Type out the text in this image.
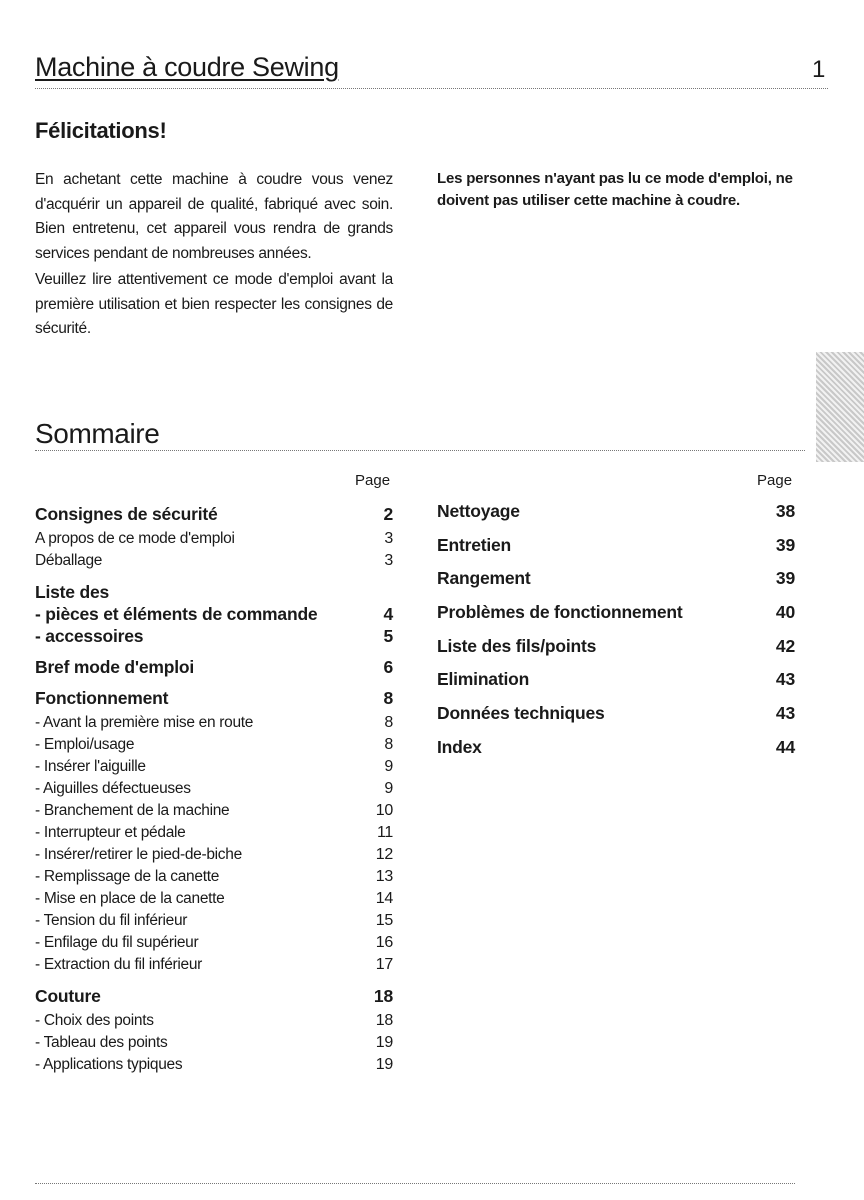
Machine à coudre Sewing	1
Félicitations!

En achetant cette machine à coudre vous venez d'acquérir un appareil de qualité, fabriqué avec soin. Bien entretenu, cet appareil vous rendra de grands services pendant de nombreuses années.

Veuillez lire attentivement ce mode d'emploi avant la première utilisation et bien respecter les consignes de sécurité.

Les personnes n'ayant pas lu ce mode d'emploi, ne doivent pas utiliser cette machine à coudre.
Sommaire
Page	Page
Consignes de sécurité	2
A propos de ce mode d'emploi	3
Déballage	3
Liste des
- pièces et éléments de commande	4
- accessoires	5
Bref mode d'emploi	6
Fonctionnement	8
- Avant la première mise en route	8
- Emploi/usage	8
- Insérer l'aiguille	9
- Aiguilles défectueuses	9
- Branchement de la machine	10
- Interrupteur et pédale	11
- Insérer/retirer le pied-de-biche	12
- Remplissage de la canette	13
- Mise en place de la canette	14
- Tension du fil inférieur	15
- Enfilage du fil supérieur	16
- Extraction du fil inférieur	17
Couture	18
- Choix des points	18
- Tableau des points	19
- Applications typiques	19
Nettoyage	38
Entretien	39
Rangement	39
Problèmes de fonctionnement	40
Liste des fils/points	42
Elimination	43
Données techniques	43
Index	44
